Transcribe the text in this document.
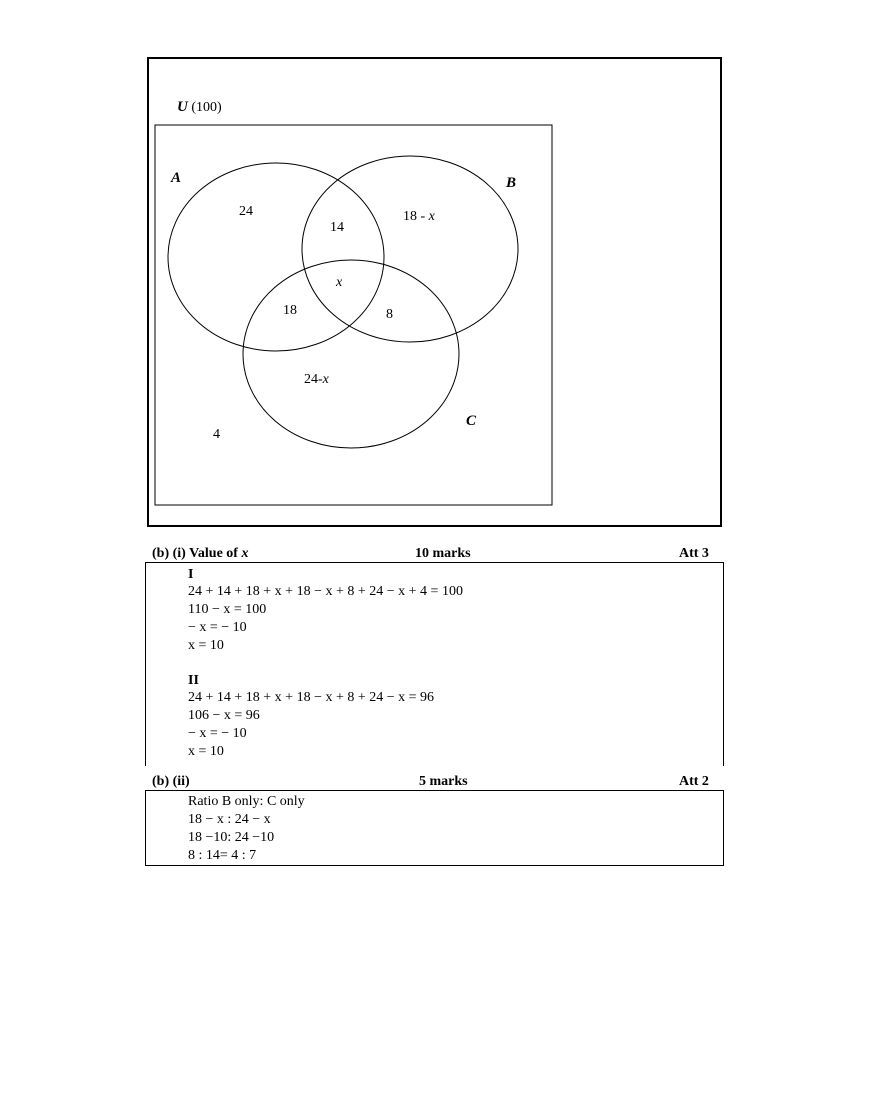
U (100)
A	B
C
24
14
18 - x
x
18	8
24-x
4
(b) (i) Value of x	10 marks	Att 3
I
24 + 14 + 18 + x + 18 − x + 8 + 24 − x + 4 = 100
110 − x = 100
− x = − 10
x = 10
II
24 + 14 + 18 + x + 18 − x + 8 + 24 − x = 96
106 − x = 96
− x = − 10
x = 10
(b) (ii)	5 marks	Att 2
Ratio B only: C only
18 − x : 24 − x
18 −10: 24 −10
8 : 14= 4 : 7
